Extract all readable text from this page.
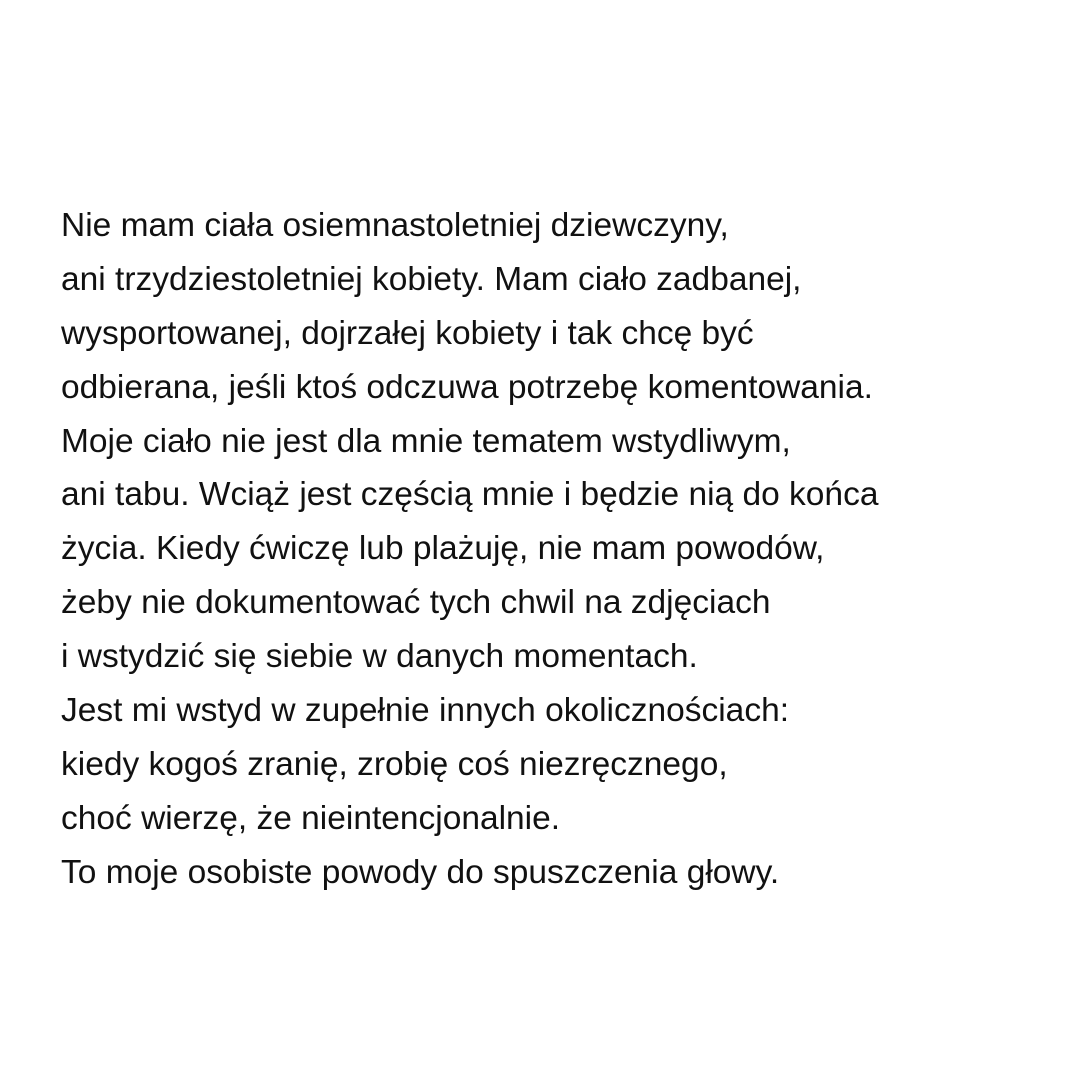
Nie mam ciała osiemnastoletniej dziewczyny,
ani trzydziestoletniej kobiety. Mam ciało zadbanej,
wysportowanej, dojrzałej kobiety i tak chcę być
odbierana, jeśli ktoś odczuwa potrzebę komentowania.
Moje ciało nie jest dla mnie tematem wstydliwym,
ani tabu. Wciąż jest częścią mnie i będzie nią do końca
życia. Kiedy ćwiczę lub plażuję, nie mam powodów,
żeby nie dokumentować tych chwil na zdjęciach
i wstydzić się siebie w danych momentach.
Jest mi wstyd w zupełnie innych okolicznościach:
kiedy kogoś zranię, zrobię coś niezręcznego,
choć wierzę, że nieintencjonalnie.
To moje osobiste powody do spuszczenia głowy.
